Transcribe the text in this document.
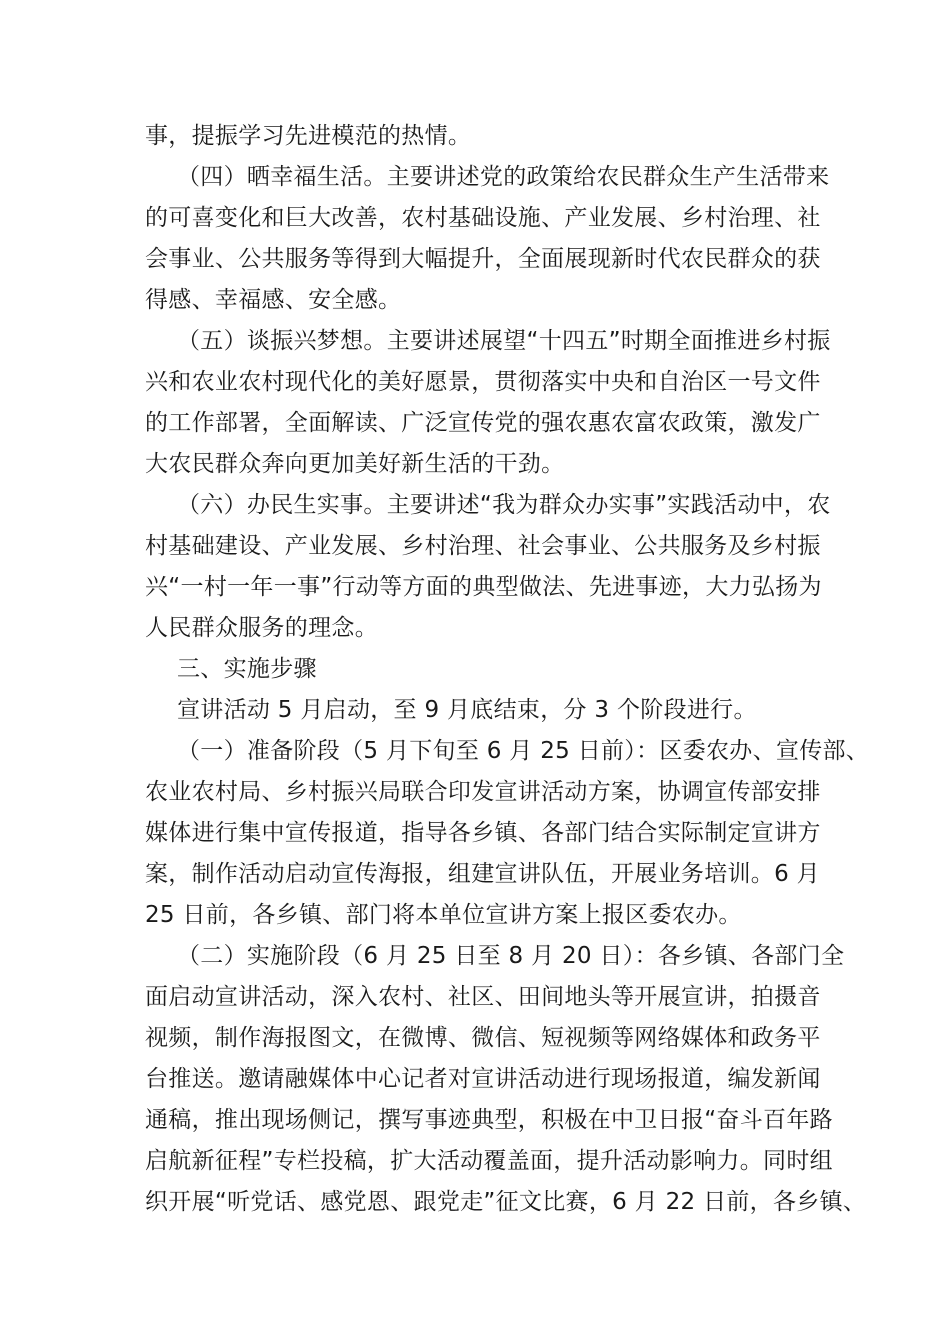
事，提振学习先进模范的热情。
（四）晒幸福生活。主要讲述党的政策给农民群众生产生活带来
的可喜变化和巨大改善，农村基础设施、产业发展、乡村治理、社
会事业、公共服务等得到大幅提升，全面展现新时代农民群众的获
得感、幸福感、安全感。
（五）谈振兴梦想。主要讲述展望“十四五”时期全面推进乡村振
兴和农业农村现代化的美好愿景，贯彻落实中央和自治区一号文件
的工作部署，全面解读、广泛宣传党的强农惠农富农政策，激发广
大农民群众奔向更加美好新生活的干劲。
（六）办民生实事。主要讲述“我为群众办实事”实践活动中，农
村基础建设、产业发展、乡村治理、社会事业、公共服务及乡村振
兴“一村一年一事”行动等方面的典型做法、先进事迹，大力弘扬为
人民群众服务的理念。
三、实施步骤
宣讲活动 5 月启动，至 9 月底结束，分 3 个阶段进行。
（一）准备阶段（5 月下旬至 6 月 25 日前）：区委农办、宣传部、
农业农村局、乡村振兴局联合印发宣讲活动方案，协调宣传部安排
媒体进行集中宣传报道，指导各乡镇、各部门结合实际制定宣讲方
案，制作活动启动宣传海报，组建宣讲队伍，开展业务培训。6 月
25 日前，各乡镇、部门将本单位宣讲方案上报区委农办。
（二）实施阶段（6 月 25 日至 8 月 20 日）：各乡镇、各部门全
面启动宣讲活动，深入农村、社区、田间地头等开展宣讲，拍摄音
视频，制作海报图文，在微博、微信、短视频等网络媒体和政务平
台推送。邀请融媒体中心记者对宣讲活动进行现场报道，编发新闻
通稿，推出现场侧记，撰写事迹典型，积极在中卫日报“奋斗百年路
启航新征程”专栏投稿，扩大活动覆盖面，提升活动影响力。同时组
织开展“听党话、感党恩、跟党走”征文比赛，6 月 22 日前，各乡镇、
